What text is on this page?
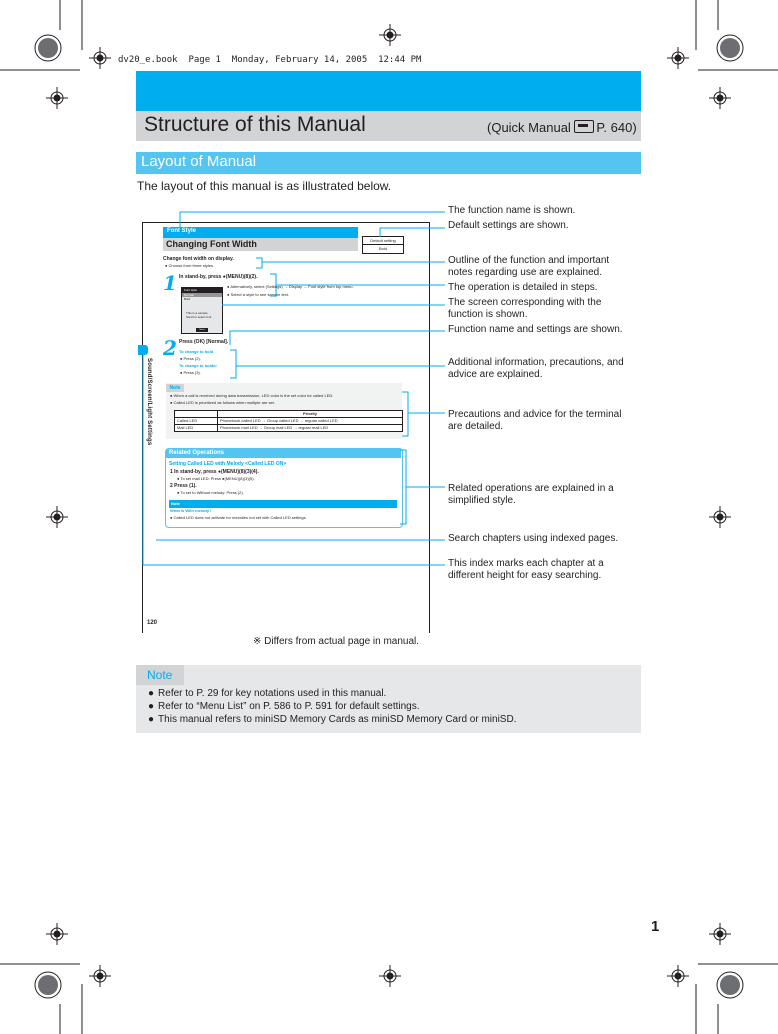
dv20_e.book  Page 1  Monday, February 14, 2005  12:44 PM
Structure of this Manual	(Quick Manual
P. 640)
Layout of Manual
The layout of this manual is as illustrated below.
Sound/Screen/Light Settings
Font Style
Changing Font Width	Default setting
Bold
Change font width on display.
● Choose from three styles.
1 In stand-by, press ●(MENU)(8)(2).
● Alternatively, select (Settings) → Display → Font style from top menu.
● Select a style to see sample text.
Font style
Normal
Bold
This is a sample
Scroll to select font
Select
2 Press (OK) [Normal].
To change to bold
● Press (2).
To change to bolder
● Press (3).
Note
● When a call is received during data transmission, LED color is the set color for called LED.
● Called LED is prioritized as follows when multiple are set.
	Priority
Called LED	Phonebook called LED → Group called LED → regular called LED
Mail LED	Phonebook mail LED → Group mail LED → regular mail LED
Related Operations
Setting Called LED with Melody <Called LED ON>
1 In stand-by, press ●(MENU)(8)(3)(4).
● To set mail LED: Press ●(MENU)(8)(3)(5).
2 Press (1).
● To set to Without melody: Press (2).
Note
What is With melody?
● Called LED does not activate for melodies not set with Called LED settings.
120
The function name is shown.
Default settings are shown.
Outline of the function and important
notes regarding use are explained.
The operation is detailed in steps.
The screen corresponding with the
function is shown.
Function name and settings are shown.
Additional information, precautions, and
advice are explained.
Precautions and advice for the terminal
are detailed.
Related operations are explained in a
simplified style.
Search chapters using indexed pages.
This index marks each chapter at a
different height for easy searching.
※ Differs from actual page in manual.
Note
● Refer to P. 29 for key notations used in this manual.
● Refer to “Menu List” on P. 586 to P. 591 for default settings.
● This manual refers to miniSD Memory Cards as miniSD Memory Card or miniSD.
1
